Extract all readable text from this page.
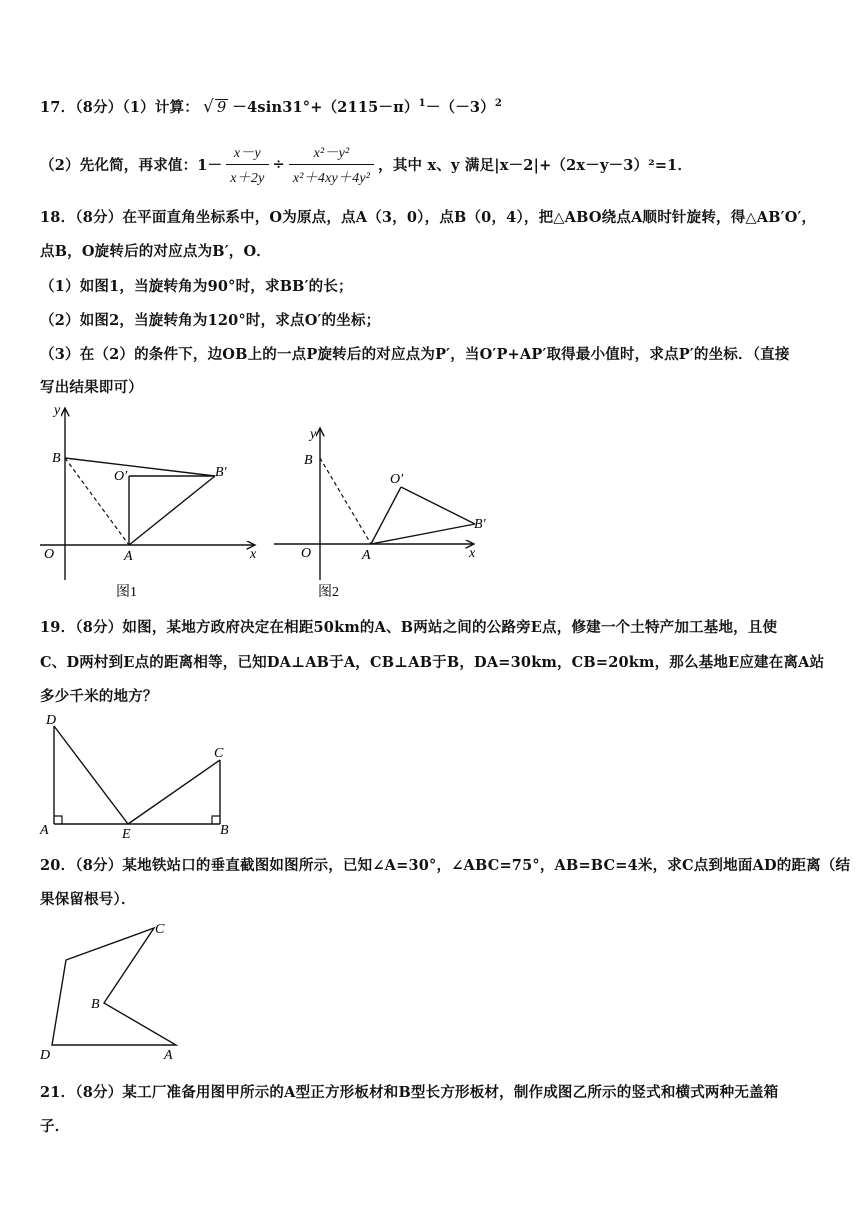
17．（8分）（1）计算： √ $9 -4\sin 31^\circ+(2115-\pi)^1-(-3)^2$
（2）先化简，再求值：$1- \frac{x-y}{x+2y} \div \frac{\text{x²－y²}}{\text{x²＋4xy＋4y²}}$ ，其中 x、y 满足|x－2|+（2x－y－3）²=1．
18．（8分）在平面直角坐标系中，O为原点，点A（3，0），点B（0，4），把△ABO绕点A顺时针旋转，得△AB′O′，
点B，O旋转后的对应点为B′，O．
（1）如图1，当旋转角为90°时，求BB′的长；
（2）如图2，当旋转角为120°时，求点O′的坐标；
（3）在（2）的条件下，边OB上的一点P旋转后的对应点为P′，当O′P+AP′取得最小值时，求点P′的坐标．（直接
写出结果即可）
y
x
B
O′	B′
O	A
图1
y
x
B
O′
B′
O	A
图2
19．（8分）如图，某地方政府决定在相距50km的A、B两站之间的公路旁E点，修建一个土特产加工基地，且使
C、D两村到E点的距离相等，已知DA⊥AB于A，CB⊥AB于B，DA=30km，CB=20km，那么基地E应建在离A站
多少千米的地方？
D
C
A	E	B
20．（8分）某地铁站口的垂直截图如图所示，已知∠A=30°，∠ABC=75°，AB=BC=4米，求C点到地面AD的距离（结
果保留根号）．
C
B
D	A
21．（8分）某工厂准备用图甲所示的A型正方形板材和B型长方形板材，制作成图乙所示的竖式和横式两种无盖箱
子．
